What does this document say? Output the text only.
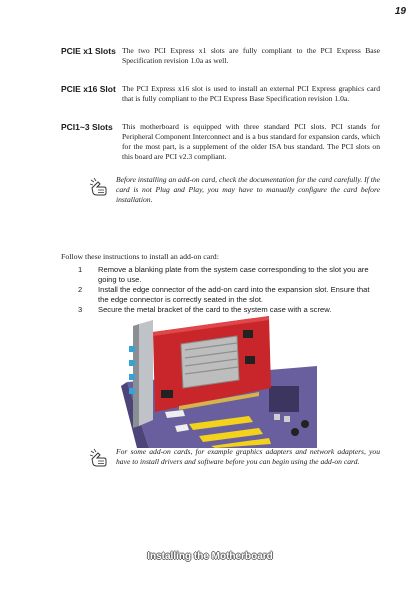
19
PCIE x1 Slots The two PCI Express x1 slots are fully compliant to the PCI Express Base Specification revision 1.0a as well.
PCIE x16 Slot The PCI Express x16 slot is used to install an external PCI Express graphics card that is fully compliant to the PCI Express Base Specification revision 1.0a.
PCI1~3 Slots This motherboard is equipped with three standard PCI slots. PCI stands for Peripheral Component Interconnect and is a bus standard for expansion cards, which for the most part, is a supplement of the older ISA bus standard. The PCI slots on this board are PCI v2.3 compliant.
Before installing an add-on card, check the documentation for the card carefully. If the card is not Plug and Play, you may have to manually configure the card before installation.
Follow these instructions to install an add-on card:
1 Remove a blanking plate from the system case corresponding to the slot you are going to use.
2 Install the edge connector of the add-on card into the expansion slot. Ensure that the edge connector is correctly seated in the slot.
3 Secure the metal bracket of the card to the system case with a screw.
For some add-on cards, for example graphics adapters and network adapters, you have to install drivers and software before you can begin using the add-on card.
Installing the Motherboard
